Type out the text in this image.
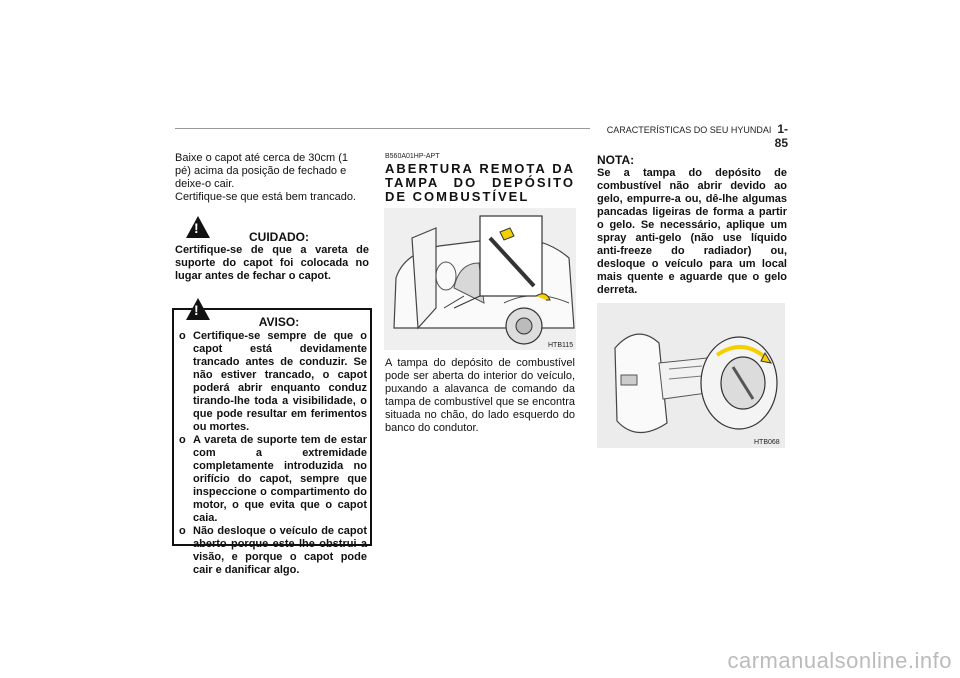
CARACTERÍSTICAS DO SEU HYUNDAI 1- 85
Baixe o capot até cerca de 30cm (1
pé) acima da posição de fechado e
deixe-o cair.
Certifique-se que está bem trancado.
!
CUIDADO:
Certifique-se de que a vareta de suporte do capot foi colocada no lugar antes de fechar o capot.
!
AVISO:
o Certifique-se sempre de que o capot está devidamente trancado antes de conduzir. Se não estiver trancado, o capot poderá abrir enquanto conduz tirando-lhe toda a visibilidade, o que pode resultar em ferimentos ou mortes.
o A vareta de suporte tem de estar com a extremidade completamente introduzida no orifício do capot, sempre que inspeccione o compartimento do motor, o que evita que o capot caia.
o Não desloque o veículo de capot aberto porque este lhe obstrui a visão, e porque o capot pode cair e danificar algo.
B560A01HP-APT
ABERTURA REMOTA DA TAMPA DO DEPÓSITO DE COMBUSTÍVEL
HTB115
A tampa do depósito de combustível pode ser aberta do interior do veículo, puxando a alavanca de comando da tampa de combustível que se encontra situada no chão, do lado esquerdo do banco do condutor.
NOTA:
Se a tampa do depósito de combustível não abrir devido ao gelo, empurre-a ou, dê-lhe algumas pancadas ligeiras de forma a partir o gelo. Se necessário, aplique um spray anti-gelo (não use líquido anti-freeze do radiador) ou, desloque o veículo para um local mais quente e aguarde que o gelo derreta.
HTB068
carmanualsonline.info
